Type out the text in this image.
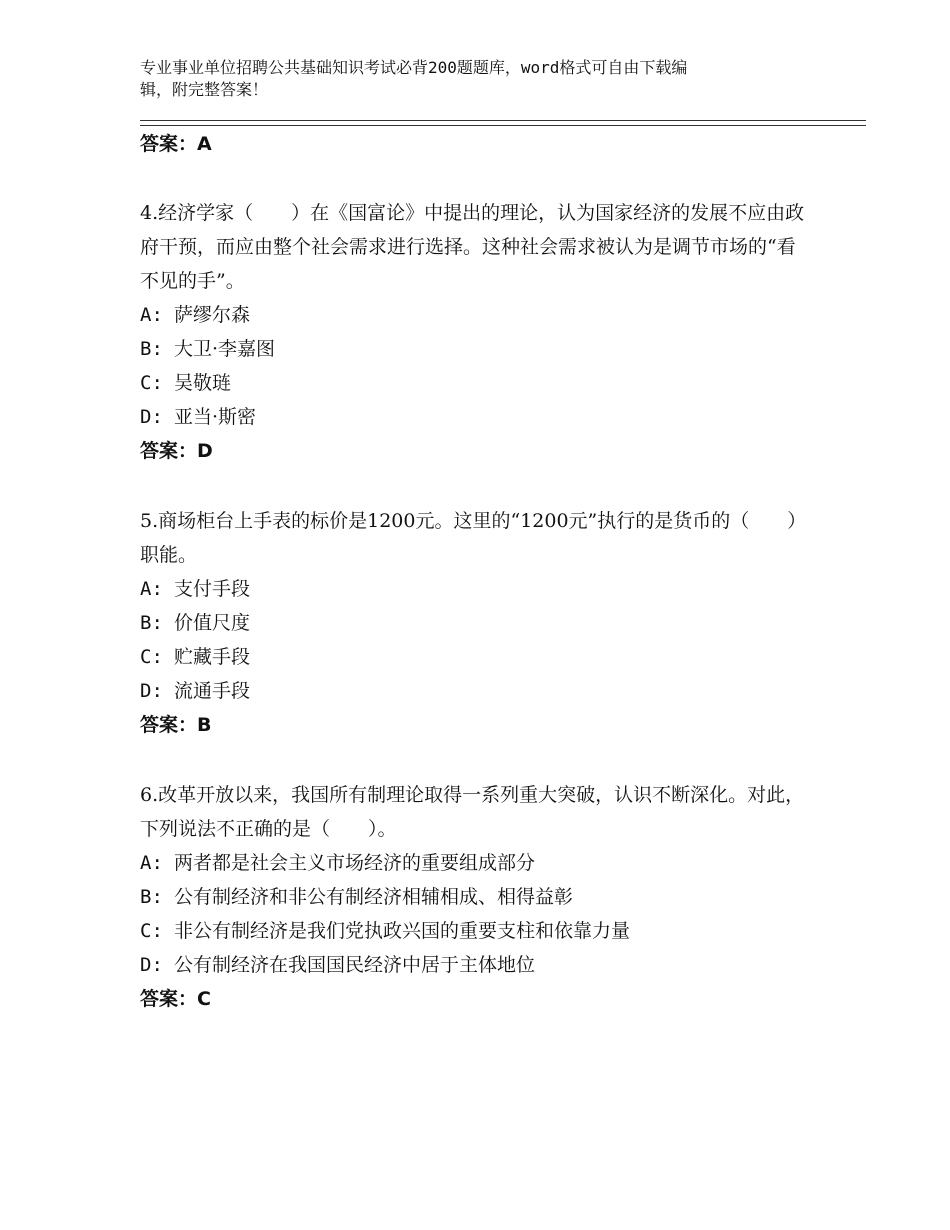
专业事业单位招聘公共基础知识考试必背200题题库，word格式可自由下载编
辑，附完整答案！
答案：A
4.经济学家（　　）在《国富论》中提出的理论，认为国家经济的发展不应由政府干预，而应由整个社会需求进行选择。这种社会需求被认为是调节市场的“看不见的手”。
A: 萨缪尔森
B: 大卫·李嘉图
C: 吴敬琏
D: 亚当·斯密
答案：D
5.商场柜台上手表的标价是1200元。这里的“1200元”执行的是货币的（　　）职能。
A: 支付手段
B: 价值尺度
C: 贮藏手段
D: 流通手段
答案：B
6.改革开放以来，我国所有制理论取得一系列重大突破，认识不断深化。对此，下列说法不正确的是（　　）。
A: 两者都是社会主义市场经济的重要组成部分
B: 公有制经济和非公有制经济相辅相成、相得益彰
C: 非公有制经济是我们党执政兴国的重要支柱和依靠力量
D: 公有制经济在我国国民经济中居于主体地位
答案：C
